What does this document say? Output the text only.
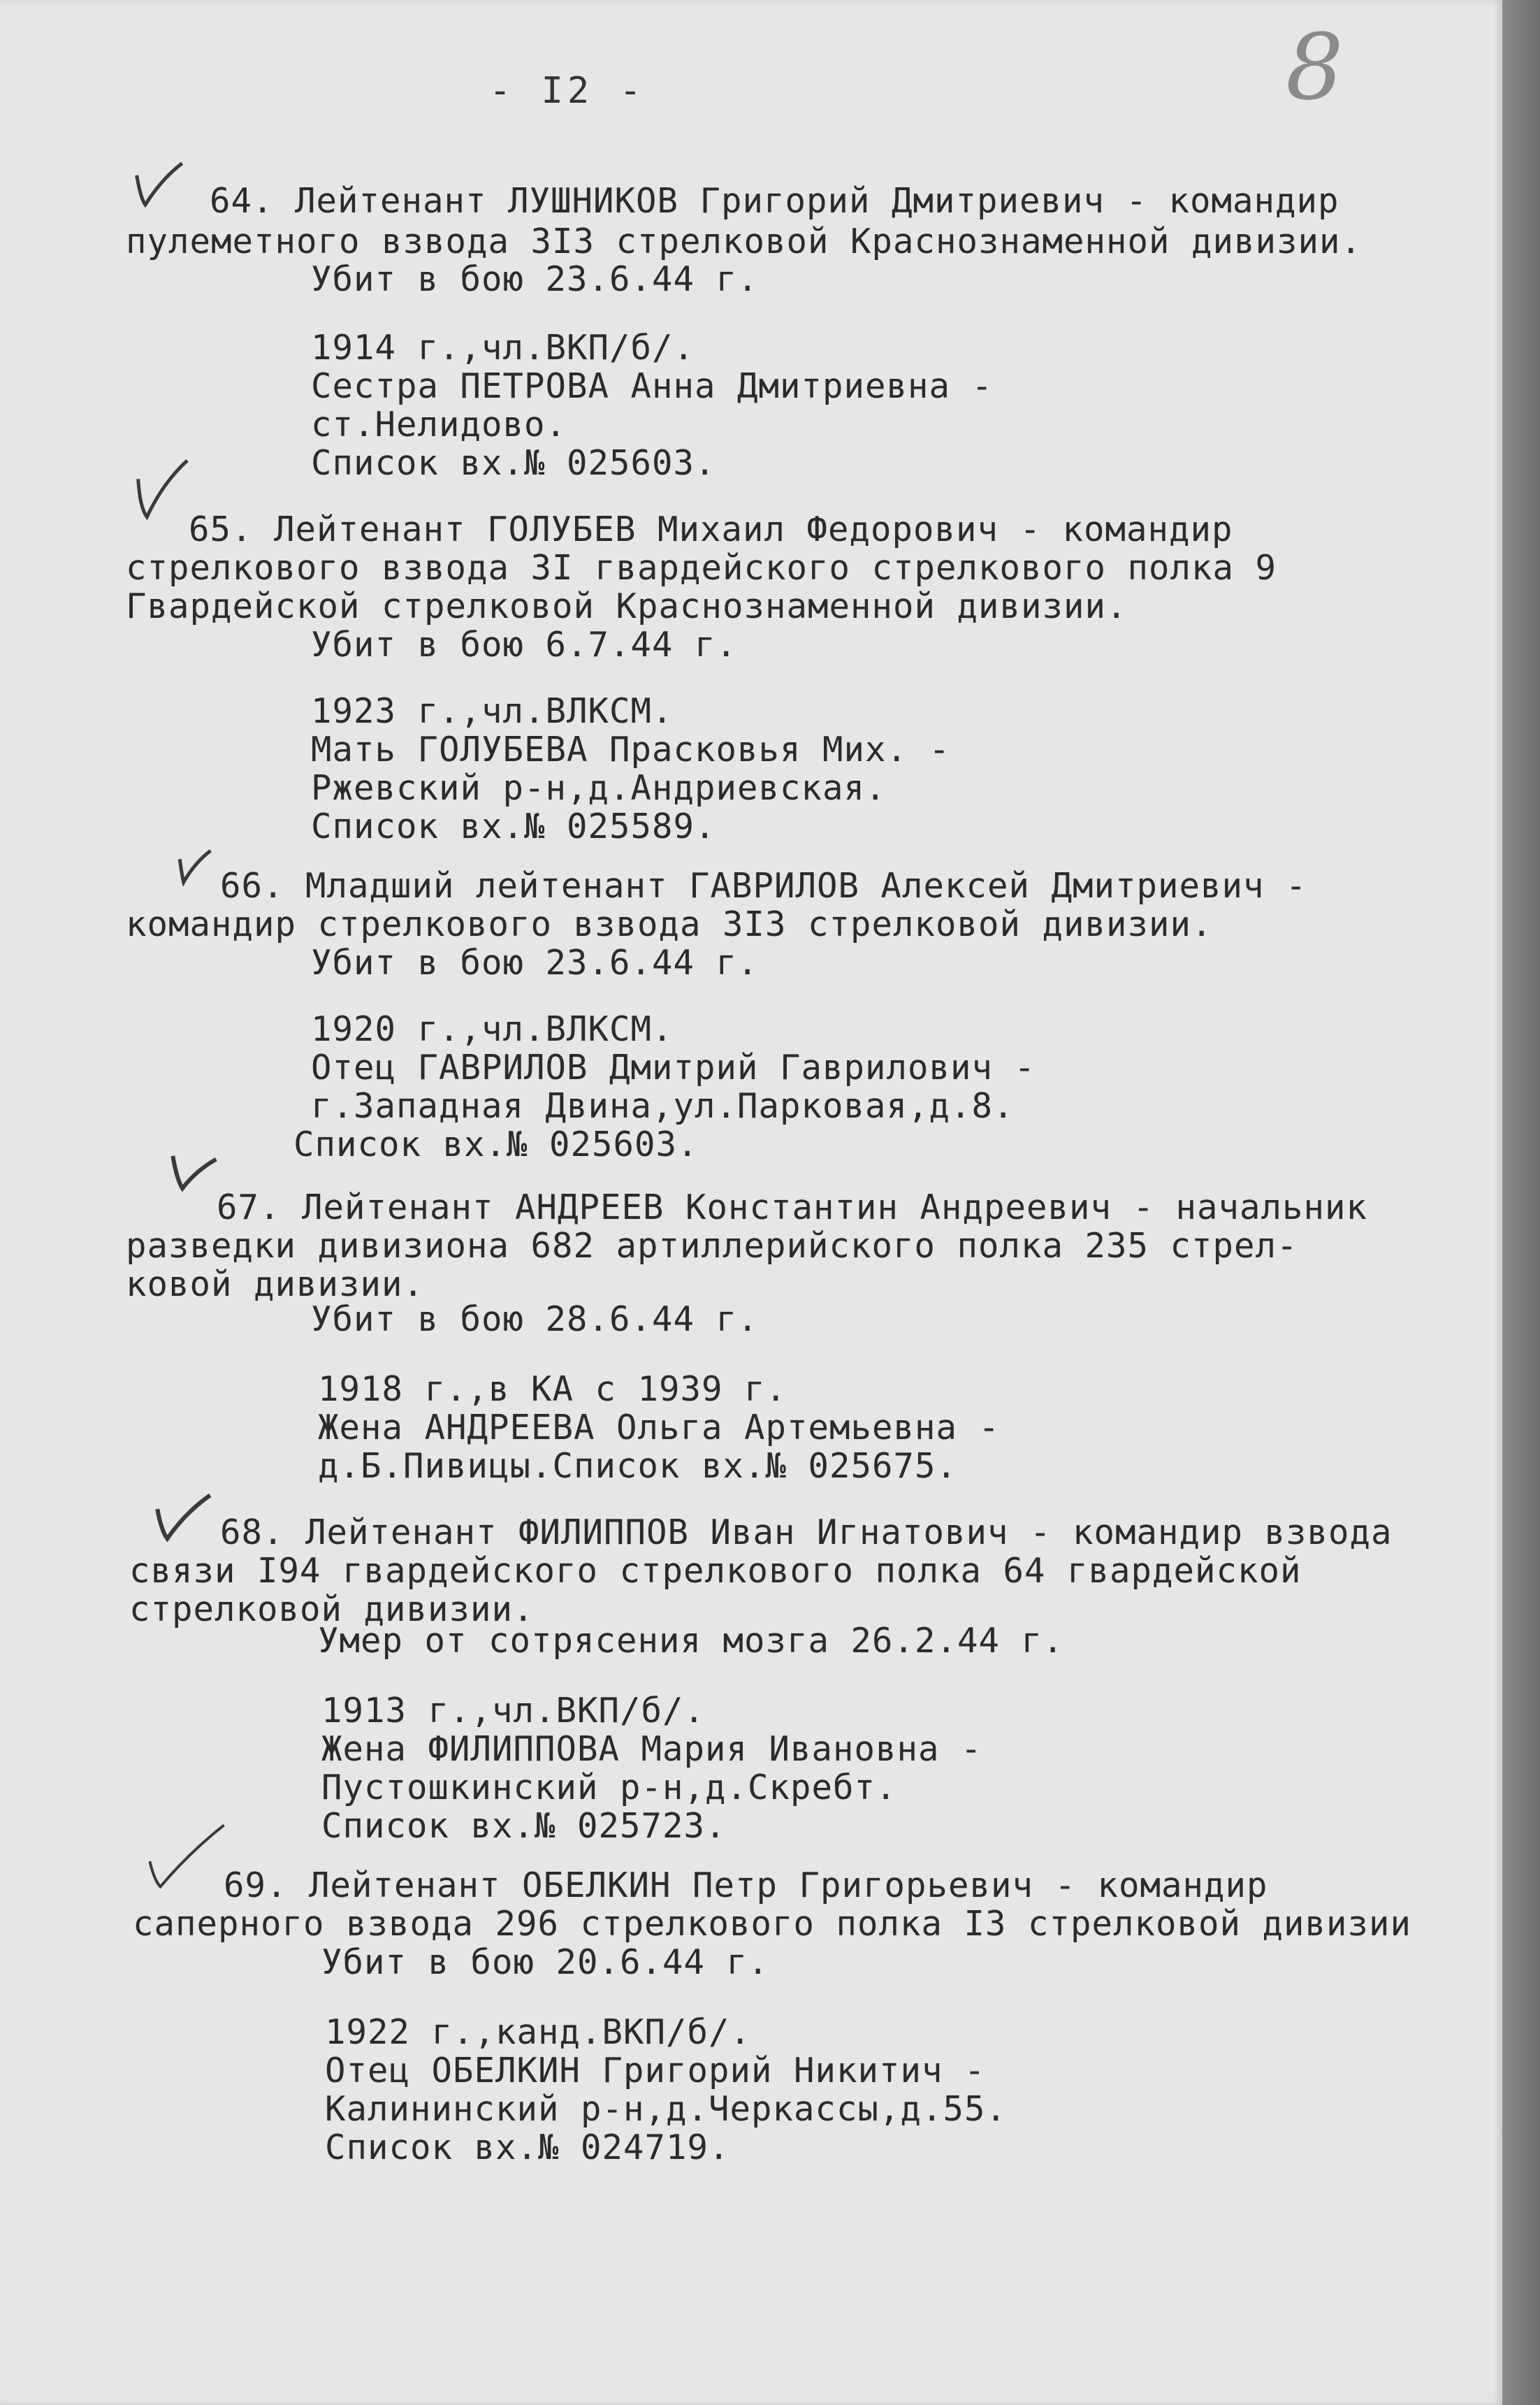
- I2 -	8
64. Лейтенант ЛУШНИКОВ Григорий Дмитриевич - командир
пулеметного взвода 3I3 стрелковой Краснознаменной дивизии.
Убит в бою 23.6.44 г.
1914 г.,чл.ВКП/б/.
Сестра ПЕТРОВА Анна Дмитриевна -
ст.Нелидово.
Список вх.№ 025603.
65. Лейтенант ГОЛУБЕВ Михаил Федорович - командир
стрелкового взвода 3I гвардейского стрелкового полка 9
Гвардейской стрелковой Краснознаменной дивизии.
Убит в бою 6.7.44 г.
1923 г.,чл.ВЛКСМ.
Мать ГОЛУБЕВА Прасковья Мих. -
Ржевский р-н,д.Андриевская.
Список вх.№ 025589.
66. Младший лейтенант ГАВРИЛОВ Алексей Дмитриевич -
командир стрелкового взвода 3I3 стрелковой дивизии.
Убит в бою 23.6.44 г.
1920 г.,чл.ВЛКСМ.
Отец ГАВРИЛОВ Дмитрий Гаврилович -
г.Западная Двина,ул.Парковая,д.8.
Список вх.№ 025603.
67. Лейтенант АНДРЕЕВ Константин Андреевич - начальник
разведки дивизиона 682 артиллерийского полка 235 стрел-
ковой дивизии.
Убит в бою 28.6.44 г.
1918 г.,в КА с 1939 г.
Жена АНДРЕЕВА Ольга Артемьевна -
д.Б.Пивицы.Список вх.№ 025675.
68. Лейтенант ФИЛИППОВ Иван Игнатович - командир взвода
связи I94 гвардейского стрелкового полка 64 гвардейской
стрелковой дивизии.
Умер от сотрясения мозга 26.2.44 г.
1913 г.,чл.ВКП/б/.
Жена ФИЛИППОВА Мария Ивановна -
Пустошкинский р-н,д.Скребт.
Список вх.№ 025723.
69. Лейтенант ОБЕЛКИН Петр Григорьевич - командир
саперного взвода 296 стрелкового полка I3 стрелковой дивизии
Убит в бою 20.6.44 г.
1922 г.,канд.ВКП/б/.
Отец ОБЕЛКИН Григорий Никитич -
Калининский р-н,д.Черкассы,д.55.
Список вх.№ 024719.
